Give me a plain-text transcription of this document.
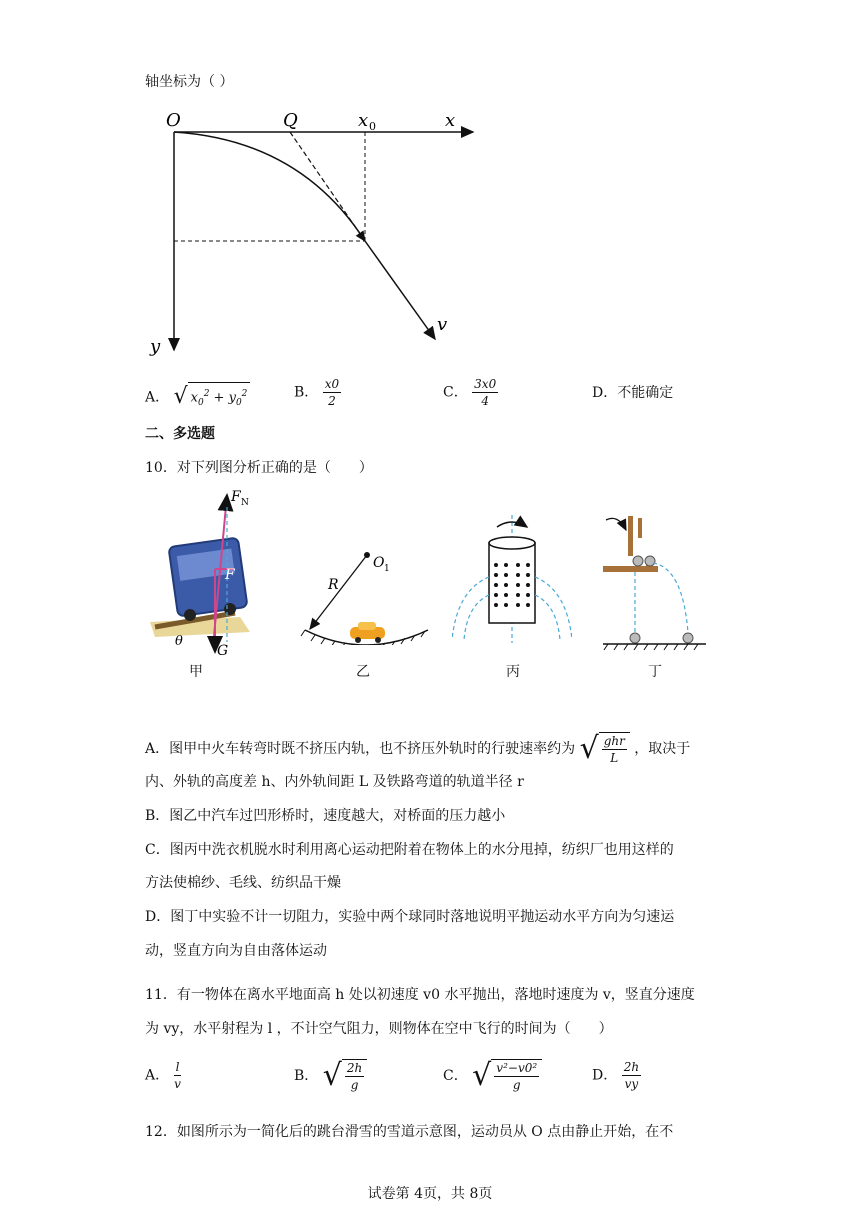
轴坐标为（ ）
O	Q	x 0	x
y
v
A． √ $x_0^2 + y_0^2$	B． $\frac{x0}{2}$	C． $\frac{3x0}{4}$	D．不能确定
二、多选题
10．对下列图分析正确的是（　　）
F N
F
θ
G
O 1
R
甲	乙	丙	丁
A．图甲中火车转弯时既不挤压内轨，也不挤压外轨时的行驶速率约为 √ $\frac{\text{ghr}}{L}$ ，取决于
内、外轨的高度差 h、内外轨间距 L 及铁路弯道的轨道半径 r
B．图乙中汽车过凹形桥时，速度越大，对桥面的压力越小
C．图丙中洗衣机脱水时利用离心运动把附着在物体上的水分甩掉，纺织厂也用这样的
方法使棉纱、毛线、纺织品干燥
D．图丁中实验不计一切阻力，实验中两个球同时落地说明平抛运动水平方向为匀速运
动，竖直方向为自由落体运动
11．有一物体在离水平地面高 h 处以初速度 v0 水平抛出，落地时速度为 v，竖直分速度
为 vy，水平射程为 l ，不计空气阻力，则物体在空中飞行的时间为（　　）
A． $\frac{l}{v}$	B． √ $\frac{2h}{g}$	C． √ $\frac{\text{v²−v0²}}{g}$	D． $\frac{2h}{vy}$
12．如图所示为一简化后的跳台滑雪的雪道示意图，运动员从 O 点由静止开始，在不
试卷第 4页，共 8页
